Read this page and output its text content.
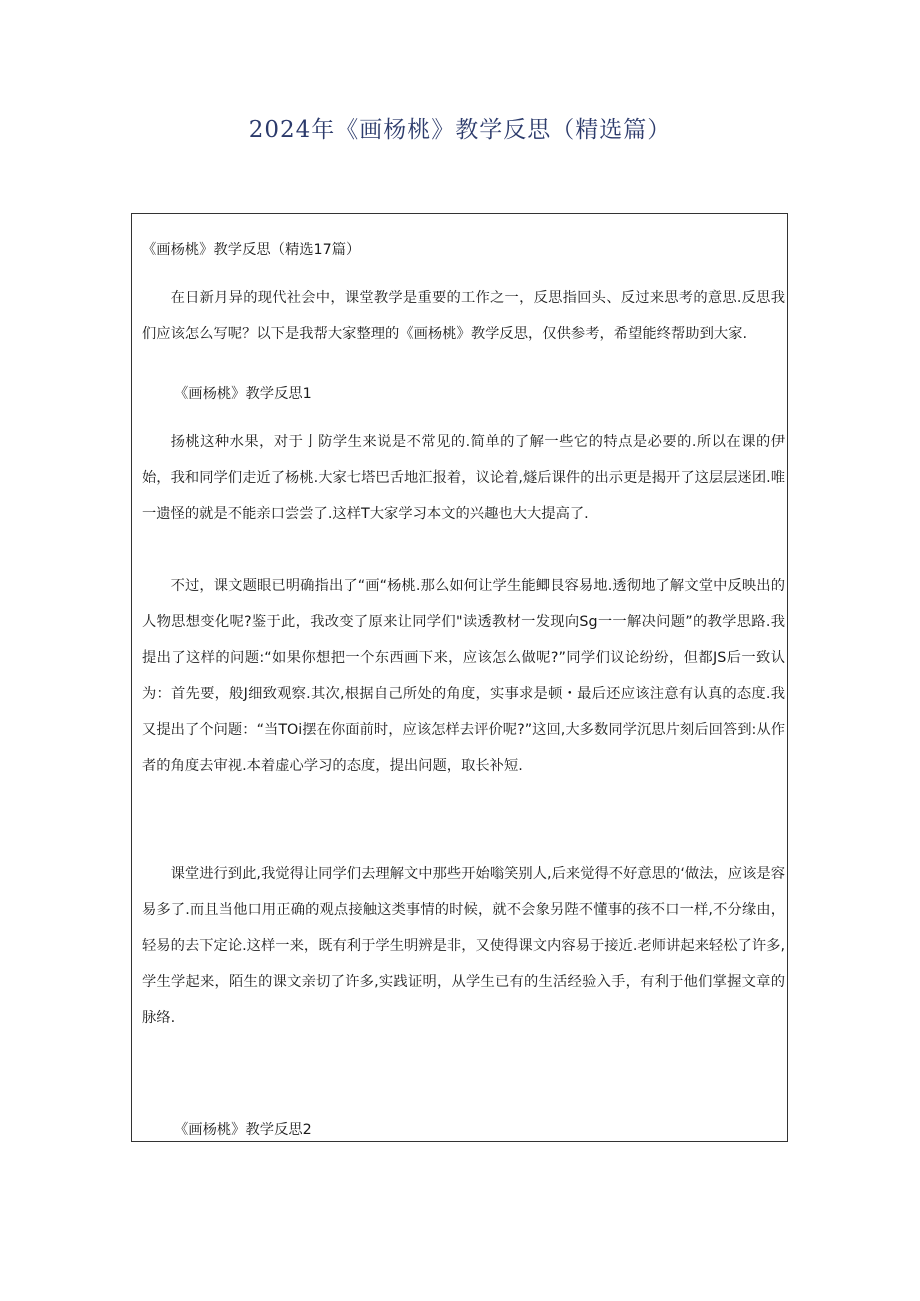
2024年《画杨桃》教学反思（精选篇）
《画杨桃》教学反思（精选17篇）
在日新月异的现代社会中，课堂教学是重要的工作之一，反思指回头、反过来思考的意思.反思我们应该怎么写呢？以下是我帮大家整理的《画杨桃》教学反思，仅供参考，希望能终帮助到大家.
《画杨桃》教学反思1
扬桃这种水果，对于亅防学生来说是不常见的.简单的了解一些它的特点是必要的.所以在课的伊始，我和同学们走近了杨桃.大家七塔巴舌地汇报着，议论着,燧后课件的出示更是揭开了这层层迷团.唯一遗怪的就是不能亲口尝尝了.这样T大家学习本文的兴趣也大大提高了.
不过，课文题眼已明确指出了“画“杨桃.那么如何让学生能鲫艮容易地.透彻地了解文堂中反映出的人物思想变化呢?鉴于此，我改变了原来让同学们"读透教材一发现向Sg一一解决问题”的教学思路.我提出了这样的问题:“如果你想把一个东西画下来，应该怎么做呢?”同学们议论纷纷，但都JS后一致认为：首先要，般J细致观察.其次,根据自己所处的角度，实事求是顿・最后还应该注意有认真的态度.我又提出了个问题：“当TOi摆在你面前时，应该怎样去评价呢?”这回,大多数同学沉思片刻后回答到:从作者的角度去审视.本着虚心学习的态度，提出问题，取长补短.
课堂进行到此,我觉得让同学们去理解文中那些开始嗡笑别人,后来觉得不好意思的‘做法，应该是容易多了.而且当他口用正确的观点接触这类事情的时候，就不会象另陛不懂事的孩不口一样,不分缘由，轻易的去下定论.这样一来，既有利于学生明辨是非，又使得课文内容易于接近.老师讲起来轻松了许多,学生学起来，陌生的课文亲切了许多,实践证明，从学生已有的生活经验入手，有利于他们掌握文章的脉络.
《画杨桃》教学反思2
